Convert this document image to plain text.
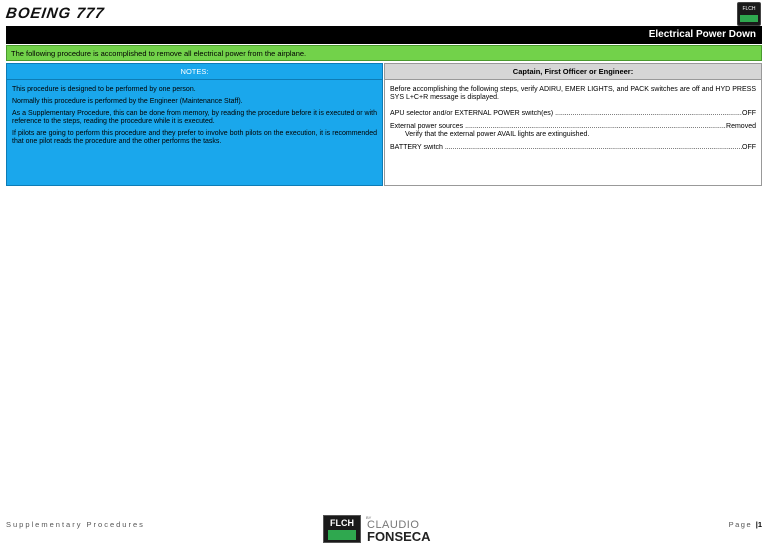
BOEING 777	FLCH
Electrical Power Down
The following procedure is accomplished to remove all electrical power from the airplane.
NOTES:

This procedure is designed to be performed by one person.

Normally this procedure is performed by the Engineer (Maintenance Staff).

As a Supplementary Procedure, this can be done from memory, by reading the procedure before it is executed or with reference to the steps, reading the procedure while it is executed.

If pilots are going to perform this procedure and they prefer to involve both pilots on the execution, it is recommended that one pilot reads the procedure and the other performs the tasks.

Captain, First Officer or Engineer:

Before accomplishing the following steps, verify ADIRU, EMER LIGHTS, and PACK switches are off and HYD PRESS SYS L+C+R message is displayed.

APU selector and/or EXTERNAL POWER switch(es) .....	OFF
External power sources .....	Removed

Verify that the external power AVAIL lights are extinguished.

BATTERY switch .....	OFF
Supplementary Procedures	FLCH
BY
CLAUDIO
FONSECA
Page |1
